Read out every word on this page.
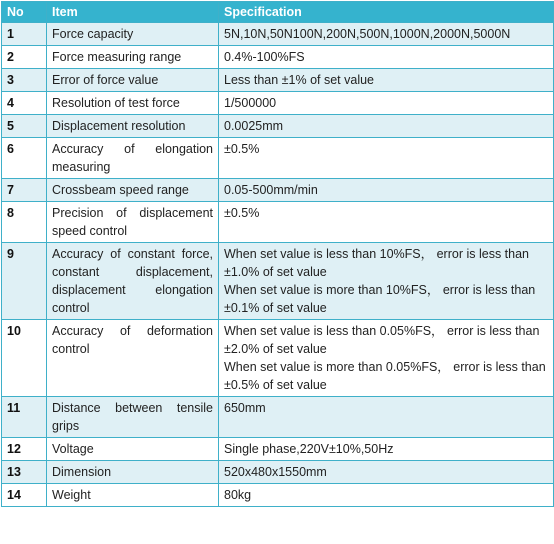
No	Item	Specification
1	Force capacity	5N,10N,50N100N,200N,500N,1000N,2000N,5000N

2	Force measuring range	0.4%-100%FS

3	Error of force value	Less than ±1% of set value

4	Resolution of test force	1/500000

5	Displacement resolution	0.0025mm

6	Accuracy of elongation measuring	±0.5%

7	Crossbeam speed range	0.05-500mm/min

8	Precision of displacement speed control	±0.5%

9	Accuracy of constant force, constant displacement, displacement elongation control	When set value is less than 10%FS， error is less than ±1.0% of set value
When set value is more than 10%FS， error is less than ±0.1% of set value

10	Accuracy of deformation control	When set value is less than 0.05%FS， error is less than ±2.0% of set value
When set value is more than 0.05%FS， error is less than ±0.5% of set value

11	Distance between tensile grips	650mm

12	Voltage	Single phase,220V±10%,50Hz

13	Dimension	520x480x1550mm

14	Weight	80kg
